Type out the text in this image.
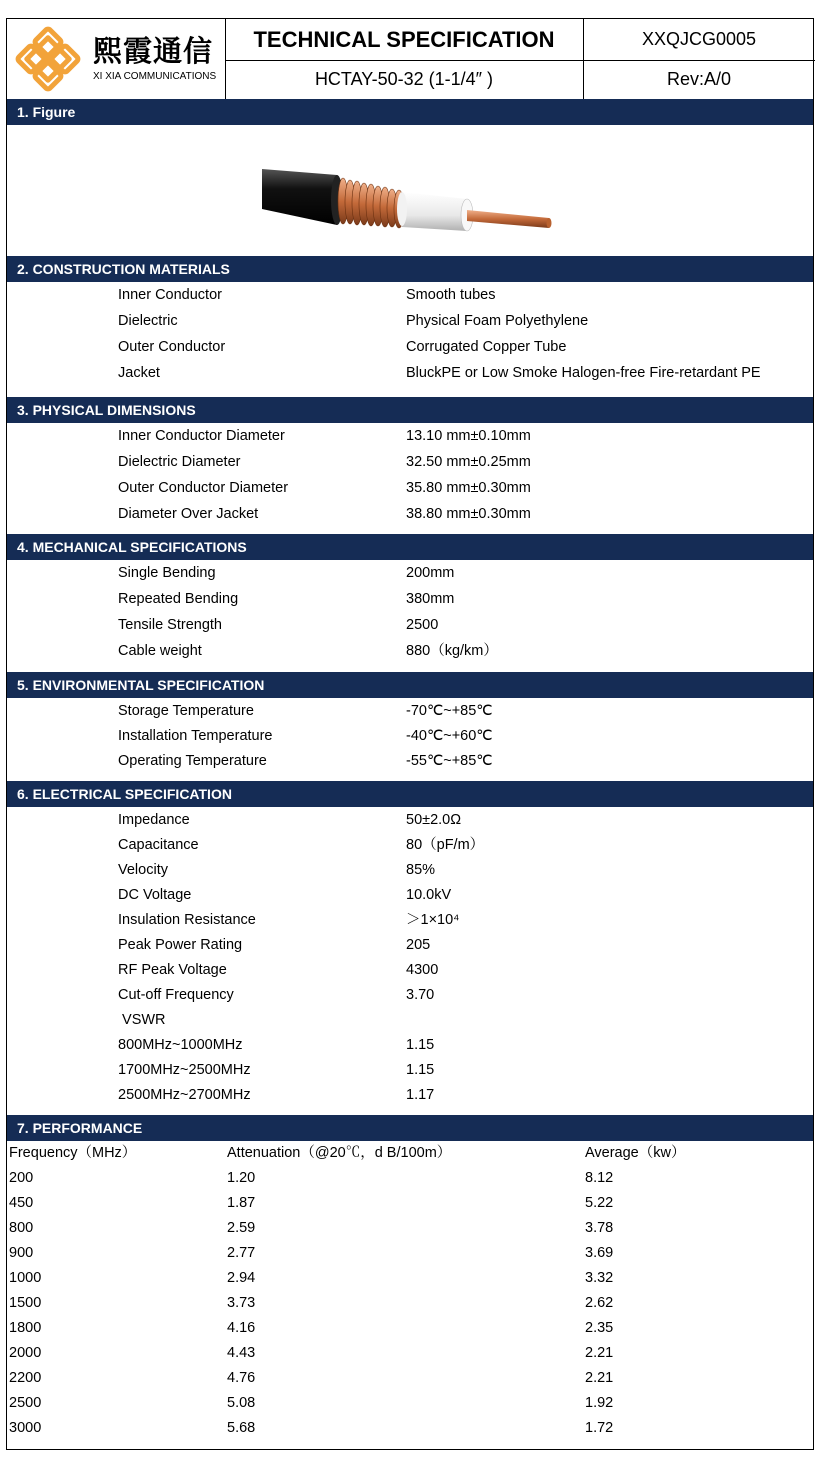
熙霞通信
XI XIA COMMUNICATIONS
TECHNICAL SPECIFICATION	XXQJCG0005
HCTAY-50-32 (1-1/4″ )	Rev:A/0
1. Figure
2. CONSTRUCTION MATERIALS
Inner Conductor	Smooth tubes
Dielectric	Physical Foam Polyethylene
Outer Conductor	Corrugated Copper Tube
Jacket	BluckPE or Low Smoke Halogen-free Fire-retardant PE
3. PHYSICAL DIMENSIONS
Inner Conductor Diameter	13.10 mm±0.10mm
Dielectric Diameter	32.50 mm±0.25mm
Outer Conductor Diameter	35.80 mm±0.30mm
Diameter Over Jacket	38.80 mm±0.30mm
4. MECHANICAL SPECIFICATIONS
Single Bending	200mm
Repeated Bending	380mm
Tensile Strength	2500
Cable weight	880（kg/km）
5. ENVIRONMENTAL SPECIFICATION
Storage Temperature	-70℃~+85℃
Installation Temperature	-40℃~+60℃
Operating Temperature	-55℃~+85℃
6. ELECTRICAL SPECIFICATION
Impedance	50±2.0Ω
Capacitance	80（pF/m）
Velocity	85%
DC Voltage	10.0kV
Insulation Resistance	＞1×10⁴
Peak Power Rating	205
RF Peak Voltage	4300
Cut-off Frequency	3.70
VSWR
800MHz~1000MHz	1.15
1700MHz~2500MHz	1.15
2500MHz~2700MHz	1.17
7. PERFORMANCE
Frequency（MHz）	Attenuation（@20℃，d B/100m）	Average（kw）
200	1.20	8.12
450	1.87	5.22
800	2.59	3.78
900	2.77	3.69
1000	2.94	3.32
1500	3.73	2.62
1800	4.16	2.35
2000	4.43	2.21
2200	4.76	2.21
2500	5.08	1.92
3000	5.68	1.72
